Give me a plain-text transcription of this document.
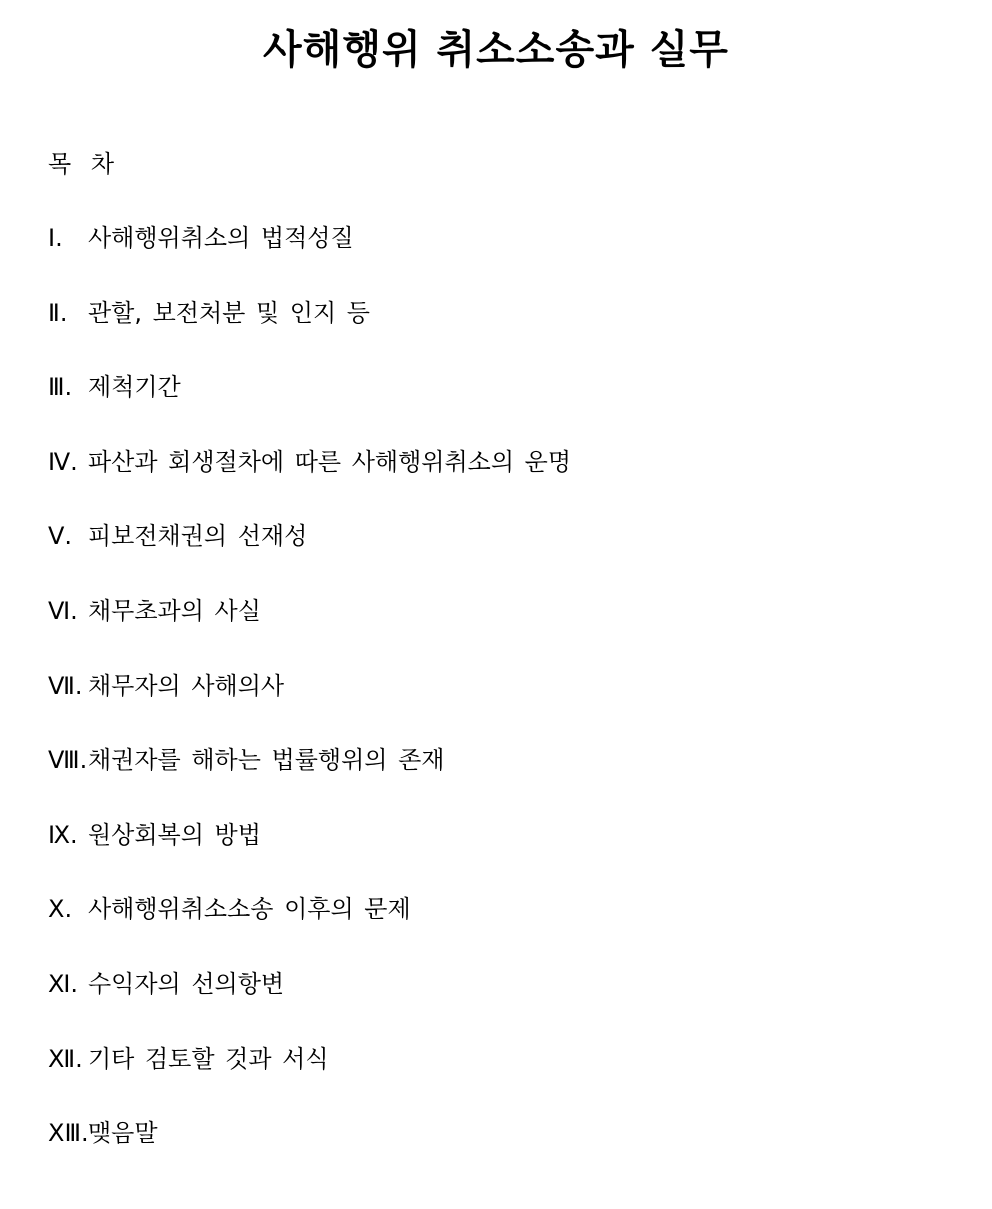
사해행위 취소소송과 실무
목 차
Ⅰ.	사해행위취소의 법적성질
Ⅱ. 관할, 보전처분 및 인지 등
Ⅲ. 제척기간
Ⅳ. 파산과 회생절차에 따른 사해행위취소의 운명
Ⅴ. 피보전채권의 선재성
Ⅵ. 채무초과의 사실
Ⅶ. 채무자의 사해의사
Ⅷ. 채권자를 해하는 법률행위의 존재
Ⅸ. 원상회복의 방법
Ⅹ. 사해행위취소소송 이후의 문제
Ⅺ. 수익자의 선의항변
Ⅻ. 기타 검토할 것과 서식
ⅩⅢ. 맺음말
